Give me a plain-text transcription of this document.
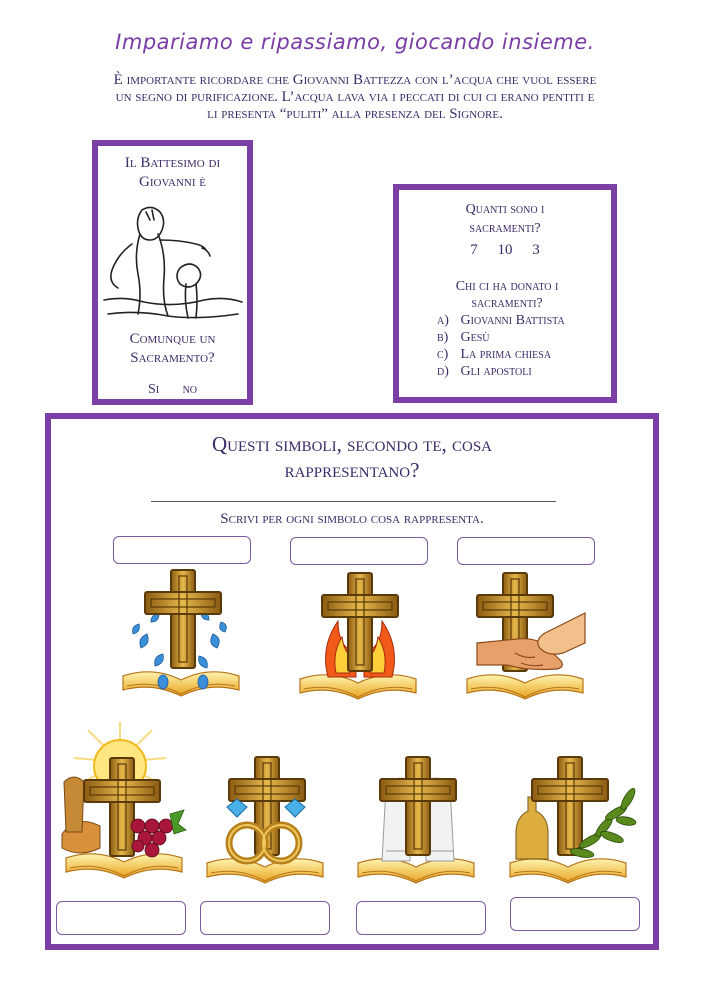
Impariamo e ripassiamo, giocando insieme.
È importante ricordare che Giovanni Battezza con l’acqua che vuol essere
un segno di purificazione. L’acqua lava via i peccati di cui ci erano pentiti e
li presenta “puliti” alla presenza del Signore.
Il Battesimo di
Giovanni è
Comunque un
Sacramento?
Si no
Quanti sono i
sacramenti?
7 10 3
Chi ci ha donato i
sacramenti?
a) Giovanni Battista
b) Gesù
c) La prima chiesa
d) Gli apostoli
Questi simboli, secondo te, cosa
rappresentano?
Scrivi per ogni simbolo cosa rappresenta.
